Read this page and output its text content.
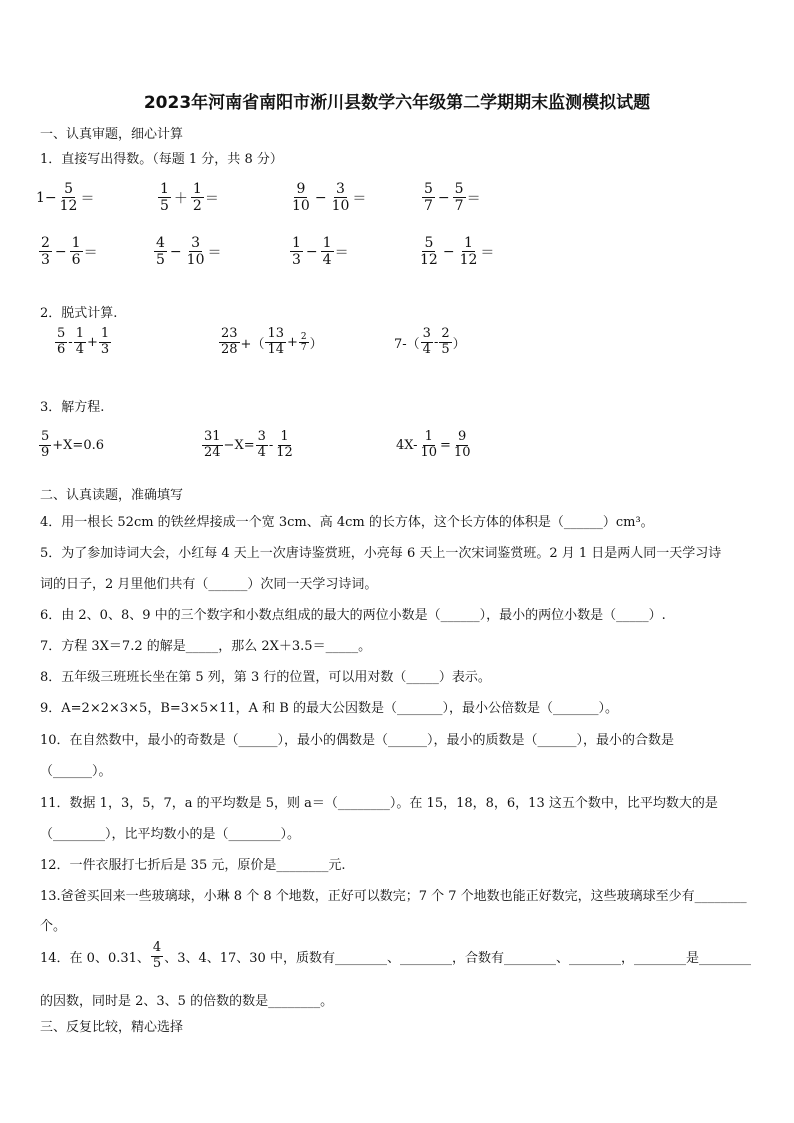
2023年河南省南阳市淅川县数学六年级第二学期期末监测模拟试题
一、认真审题，细心计算
1．直接写出得数。（每题 1 分，共 8 分）
$1- \frac{5}{12}$ ＝	$\frac{1}{5} + \frac{1}{2}$ ＝	$\frac{9}{10} - \frac{3}{10}$ ＝	$\frac{5}{7} - \frac{5}{7}$ ＝
$\frac{2}{3} - \frac{1}{6}$ ＝	$\frac{4}{5} - \frac{3}{10}$ ＝	$\frac{1}{3} - \frac{1}{4}$ ＝	$\frac{5}{12} - \frac{1}{12}$ ＝
2．脱式计算.
$\frac{5}{6} - \frac{1}{4} + \frac{1}{3}$	$\frac{23}{28}$ +（ $\frac{13}{14} + \frac{2}{7}$ ）	$7-( \frac{3}{4} - \frac{2}{5}$ ）
3．解方程.
$\frac{5}{9} +X=0.6$	$\frac{31}{24} -X= \frac{3}{4} - \frac{1}{12}$	$4X- \frac{1}{10} = \frac{9}{10}$
二、认真读题，准确填写
4．用一根长 52cm 的铁丝焊接成一个宽 3cm、高 4cm 的长方体，这个长方体的体积是（______）cm³。
5．为了参加诗词大会，小红每 4 天上一次唐诗鉴赏班，小亮每 6 天上一次宋词鉴赏班。2 月 1 日是两人同一天学习诗
词的日子，2 月里他们共有（______）次同一天学习诗词。
6．由 2、0、8、9 中的三个数字和小数点组成的最大的两位小数是（______），最小的两位小数是（_____）.
7．方程 3X＝7.2 的解是_____，那么 2X＋3.5＝_____。
8．五年级三班班长坐在第 5 列，第 3 行的位置，可以用对数（_____）表示。
9．A=2×2×3×5，B=3×5×11，A 和 B 的最大公因数是（_______），最小公倍数是（_______）。
10．在自然数中，最小的奇数是（______），最小的偶数是（______），最小的质数是（______），最小的合数是
（______）。
11．数据 1，3，5，7，a 的平均数是 5，则 a＝（________）。在 15，18，8，6，13 这五个数中，比平均数大的是
（________），比平均数小的是（________）。
12．一件衣服打七折后是 35 元，原价是________元.
13.爸爸买回来一些玻璃球，小琳 8 个 8 个地数，正好可以数完；7 个 7 个地数也能正好数完，这些玻璃球至少有________
个。
14．在 0、0.31、 $\frac{4}{5}$ 、3、4、17、30 中，质数有________、________，合数有________、________，________是________
的因数，同时是 2、3、5 的倍数的数是________。
三、反复比较，精心选择
